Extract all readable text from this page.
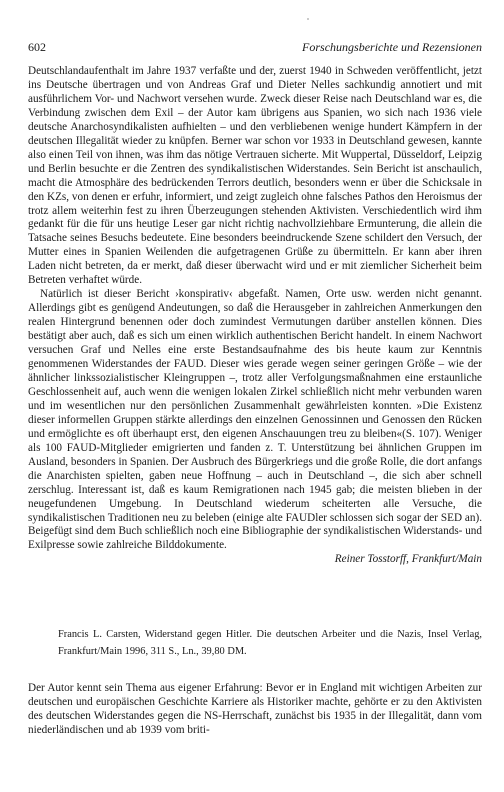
602	Forschungsberichte und Rezensionen

Deutschlandaufenthalt im Jahre 1937 verfaßte und der, zuerst 1940 in Schweden veröffentlicht, jetzt ins Deutsche übertragen und von Andreas Graf und Dieter Nelles sachkundig annotiert und mit ausführlichem Vor- und Nachwort versehen wurde. Zweck dieser Reise nach Deutschland war es, die Verbindung zwischen dem Exil – der Autor kam übrigens aus Spanien, wo sich nach 1936 viele deutsche Anarchosyndikalisten aufhielten – und den verbliebenen wenige hundert Kämpfern in der deutschen Illegalität wieder zu knüpfen. Berner war schon vor 1933 in Deutschland gewesen, kannte also einen Teil von ihnen, was ihm das nötige Vertrauen sicherte. Mit Wuppertal, Düsseldorf, Leipzig und Berlin besuchte er die Zentren des syndikalistischen Widerstandes. Sein Bericht ist anschaulich, macht die Atmosphäre des bedrückenden Terrors deutlich, besonders wenn er über die Schicksale in den KZs, von denen er erfuhr, informiert, und zeigt zugleich ohne falsches Pathos den Heroismus der trotz allem weiterhin fest zu ihren Überzeugungen stehenden Aktivisten. Verschiedentlich wird ihm gedankt für die für uns heutige Leser gar nicht richtig nachvollziehbare Ermunterung, die allein die Tatsache seines Besuchs bedeutete. Eine besonders beeindruckende Szene schildert den Versuch, der Mutter eines in Spanien Weilenden die aufgetragenen Grüße zu übermitteln. Er kann aber ihren Laden nicht betreten, da er merkt, daß dieser überwacht wird und er mit ziemlicher Sicherheit beim Betreten verhaftet würde.

Natürlich ist dieser Bericht ›konspirativ‹ abgefaßt. Namen, Orte usw. werden nicht genannt. Allerdings gibt es genügend Andeutungen, so daß die Herausgeber in zahlreichen Anmerkungen den realen Hintergrund benennen oder doch zumindest Vermutungen darüber anstellen können. Dies bestätigt aber auch, daß es sich um einen wirklich authentischen Bericht handelt. In einem Nachwort versuchen Graf und Nelles eine erste Bestandsaufnahme des bis heute kaum zur Kenntnis genommenen Widerstandes der FAUD. Dieser wies gerade wegen seiner geringen Größe – wie der ähnlicher linkssozialistischer Kleingruppen –, trotz aller Verfolgungsmaßnahmen eine erstaunliche Geschlossenheit auf, auch wenn die wenigen lokalen Zirkel schließlich nicht mehr verbunden waren und im wesentlichen nur den persönlichen Zusammenhalt gewährleisten konnten. »Die Existenz dieser informellen Gruppen stärkte allerdings den einzelnen Genossinnen und Genossen den Rücken und ermöglichte es oft überhaupt erst, den eigenen Anschauungen treu zu bleiben«(S. 107). Weniger als 100 FAUD-Mitglieder emigrierten und fanden z. T. Unterstützung bei ähnlichen Gruppen im Ausland, besonders in Spanien. Der Ausbruch des Bürgerkriegs und die große Rolle, die dort anfangs die Anarchisten spielten, gaben neue Hoffnung – auch in Deutschland –, die sich aber schnell zerschlug. Interessant ist, daß es kaum Remigrationen nach 1945 gab; die meisten blieben in der neugefundenen Umgebung. In Deutschland wiederum scheiterten alle Versuche, die syndikalistischen Traditionen neu zu beleben (einige alte FAUDler schlossen sich sogar der SED an). Beigefügt sind dem Buch schließlich noch eine Bibliographie der syndikalistischen Widerstands- und Exilpresse sowie zahlreiche Bilddokumente.

Reiner Tosstorff, Frankfurt/Main

Francis L. Carsten, Widerstand gegen Hitler. Die deutschen Arbeiter und die Nazis, Insel Verlag, Frankfurt/Main 1996, 311 S., Ln., 39,80 DM.
Der Autor kennt sein Thema aus eigener Erfahrung: Bevor er in England mit wichtigen Arbeiten zur deutschen und europäischen Geschichte Karriere als Historiker machte, gehörte er zu den Aktivisten des deutschen Widerstandes gegen die NS-Herrschaft, zunächst bis 1935 in der Illegalität, dann vom niederländischen und ab 1939 vom briti-
